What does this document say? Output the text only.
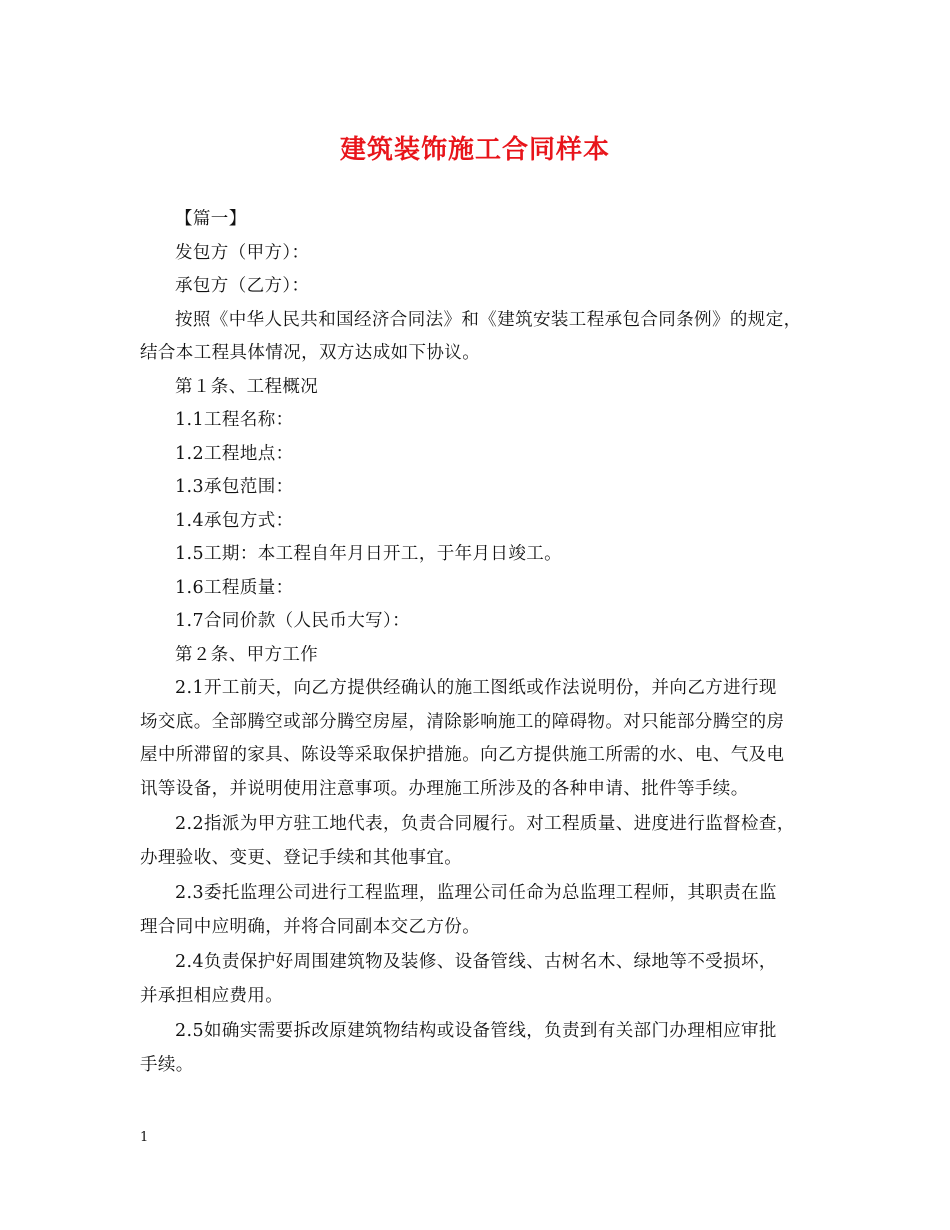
建筑装饰施工合同样本
【篇一】
发包方（甲方）：
承包方（乙方）：
按照《中华人民共和国经济合同法》和《建筑安装工程承包合同条例》的规定，
结合本工程具体情况，双方达成如下协议。
第１条、工程概况
1.1工程名称：
1.2工程地点：
1.3承包范围：
1.4承包方式：
1.5工期：本工程自年月日开工，于年月日竣工。
1.6工程质量：
1.7合同价款（人民币大写）：
第２条、甲方工作
2.1开工前天，向乙方提供经确认的施工图纸或作法说明份，并向乙方进行现
场交底。全部腾空或部分腾空房屋，清除影响施工的障碍物。对只能部分腾空的房
屋中所滞留的家具、陈设等采取保护措施。向乙方提供施工所需的水、电、气及电
讯等设备，并说明使用注意事项。办理施工所涉及的各种申请、批件等手续。
2.2指派为甲方驻工地代表，负责合同履行。对工程质量、进度进行监督检查，
办理验收、变更、登记手续和其他事宜。
2.3委托监理公司进行工程监理，监理公司任命为总监理工程师，其职责在监
理合同中应明确，并将合同副本交乙方份。
2.4负责保护好周围建筑物及装修、设备管线、古树名木、绿地等不受损坏，
并承担相应费用。
2.5如确实需要拆改原建筑物结构或设备管线，负责到有关部门办理相应审批
手续。
1
